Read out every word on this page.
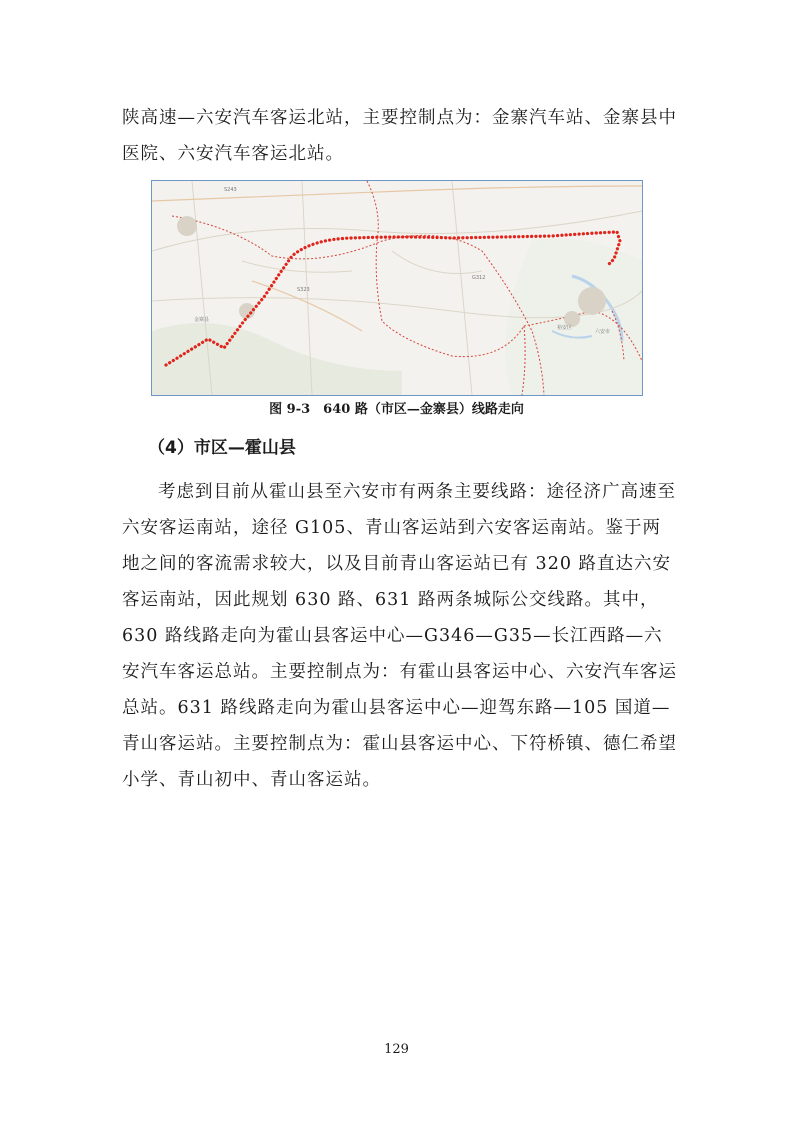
陕高速—六安汽车客运北站，主要控制点为：金寨汽车站、金寨县中医院、六安汽车客运北站。

S243
G312
S323
金寨县
六安市
裕安区
图 9-3　640 路（市区—金寨县）线路走向
（4）市区—霍山县

考虑到目前从霍山县至六安市有两条主要线路：途径济广高速至六安客运南站，途径 G105、青山客运站到六安客运南站。鉴于两地之间的客流需求较大，以及目前青山客运站已有 320 路直达六安客运南站，因此规划 630 路、631 路两条城际公交线路。其中，630 路线路走向为霍山县客运中心—G346—G35—长江西路—六安汽车客运总站。主要控制点为：有霍山县客运中心、六安汽车客运总站。631 路线路走向为霍山县客运中心—迎驾东路—105 国道—青山客运站。主要控制点为：霍山县客运中心、下符桥镇、德仁希望小学、青山初中、青山客运站。

129
